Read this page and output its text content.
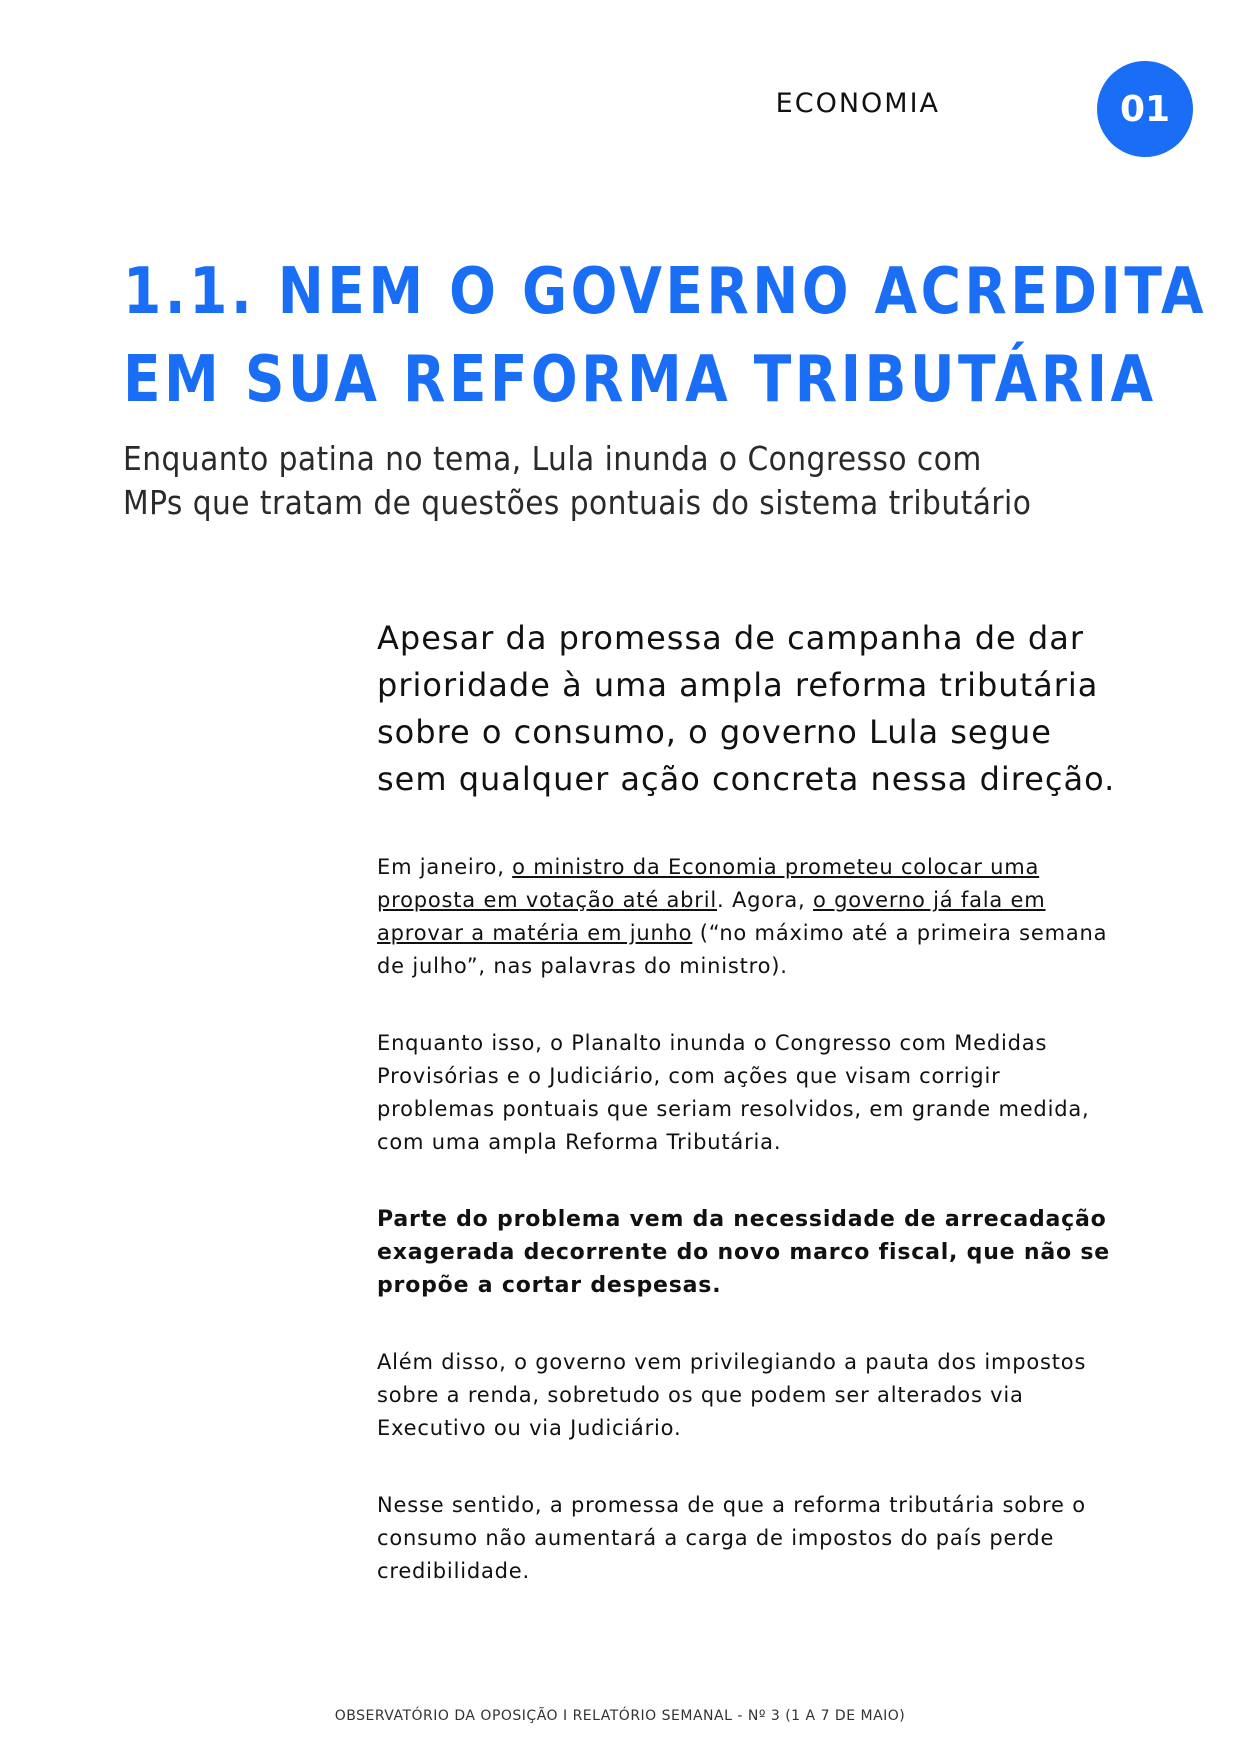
ECONOMIA	01
1.1. NEM O GOVERNO ACREDITA
EM SUA REFORMA TRIBUTÁRIA
Enquanto patina no tema, Lula inunda o Congresso com
MPs que tratam de questões pontuais do sistema tributário

Apesar da promessa de campanha de dar prioridade à uma ampla reforma tributária sobre o consumo, o governo Lula segue sem qualquer ação concreta nessa direção.

Em janeiro, o ministro da Economia prometeu colocar uma proposta em votação até abril. Agora, o governo já fala em aprovar a matéria em junho (“no máximo até a primeira semana de julho”, nas palavras do ministro).

Enquanto isso, o Planalto inunda o Congresso com Medidas Provisórias e o Judiciário, com ações que visam corrigir problemas pontuais que seriam resolvidos, em grande medida, com uma ampla Reforma Tributária.

Parte do problema vem da necessidade de arrecadação exagerada decorrente do novo marco fiscal, que não se propõe a cortar despesas.

Além disso, o governo vem privilegiando a pauta dos impostos sobre a renda, sobretudo os que podem ser alterados via Executivo ou via Judiciário.

Nesse sentido, a promessa de que a reforma tributária sobre o consumo não aumentará a carga de impostos do país perde credibilidade.

OBSERVATÓRIO DA OPOSIÇÃO I RELATÓRIO SEMANAL - Nº 3 (1 A 7 DE MAIO)
